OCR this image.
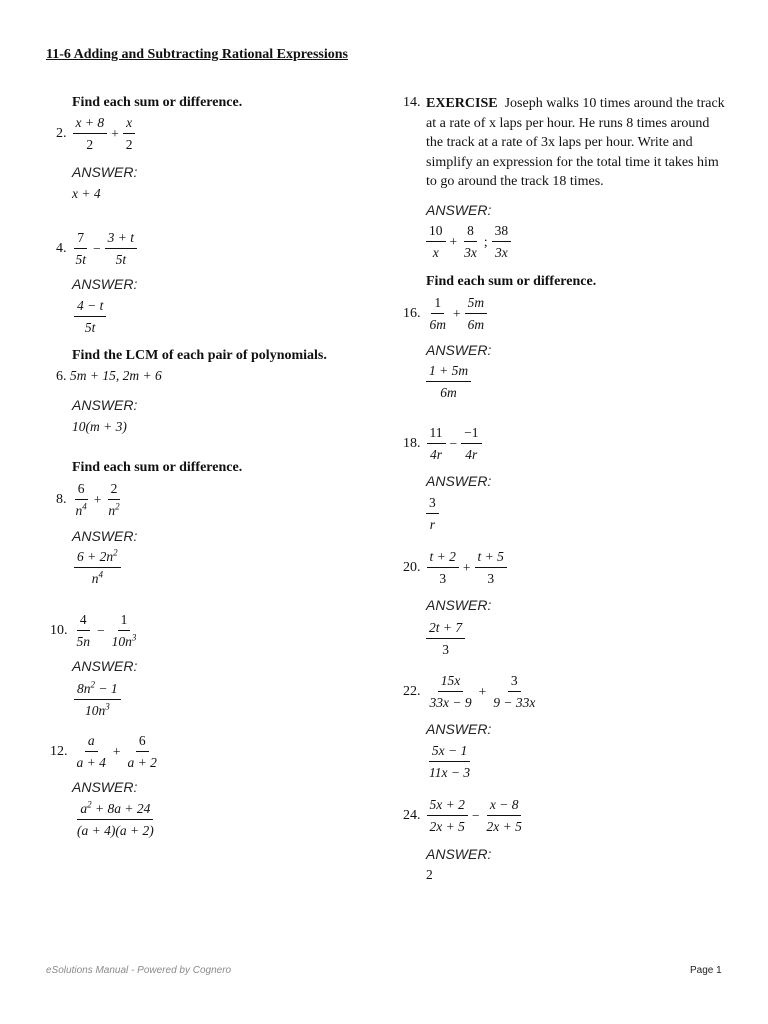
11-6 Adding and Subtracting Rational Expressions
Find each sum or difference.
2. $\frac{x + 8}{2} + \frac{x}{2}$
ANSWER:
x + 4
4. $\frac{7}{5t} - \frac{3 + t}{5t}$
ANSWER:
$\frac{4 - t}{5t}$
Find the LCM of each pair of polynomials.
6. 5m + 15, 2m + 6
ANSWER:
10(m + 3)
Find each sum or difference.
8. $\frac{6}{n^4} + \frac{2}{n^2}$
ANSWER:
$\frac{6 + 2n^2}{n^4}$
10. $\frac{4}{5n} - \frac{1}{10n^3}$
ANSWER:
$\frac{8n^2 - 1}{10n^3}$
12. $\frac{a}{a + 4} + \frac{6}{a + 2}$
ANSWER:
$\frac{a^2 + 8a + 24}{(a + 4)(a + 2)}$
14. EXERCISE Joseph walks 10 times around the track at a rate of x laps per hour. He runs 8 times around the track at a rate of 3x laps per hour. Write and simplify an expression for the total time it takes him to go around the track 18 times.
ANSWER:
$\frac{10}{x} + \frac{8}{3x}$ ; $\frac{38}{3x}$
Find each sum or difference.
16. $\frac{1}{6m} + \frac{5m}{6m}$
ANSWER:
$\frac{1 + 5m}{6m}$
18. $\frac{11}{4r} - \frac{-1}{4r}$
ANSWER:
$\frac{3}{r}$
20. $\frac{t + 2}{3} + \frac{t + 5}{3}$
ANSWER:
$\frac{2t + 7}{3}$
22. $\frac{15x}{33x - 9} + \frac{3}{9 - 33x}$
ANSWER:
$\frac{5x - 1}{11x - 3}$
24. $\frac{5x + 2}{2x + 5} - \frac{x - 8}{2x + 5}$
ANSWER:
2
eSolutions Manual - Powered by Cognero	Page 1
